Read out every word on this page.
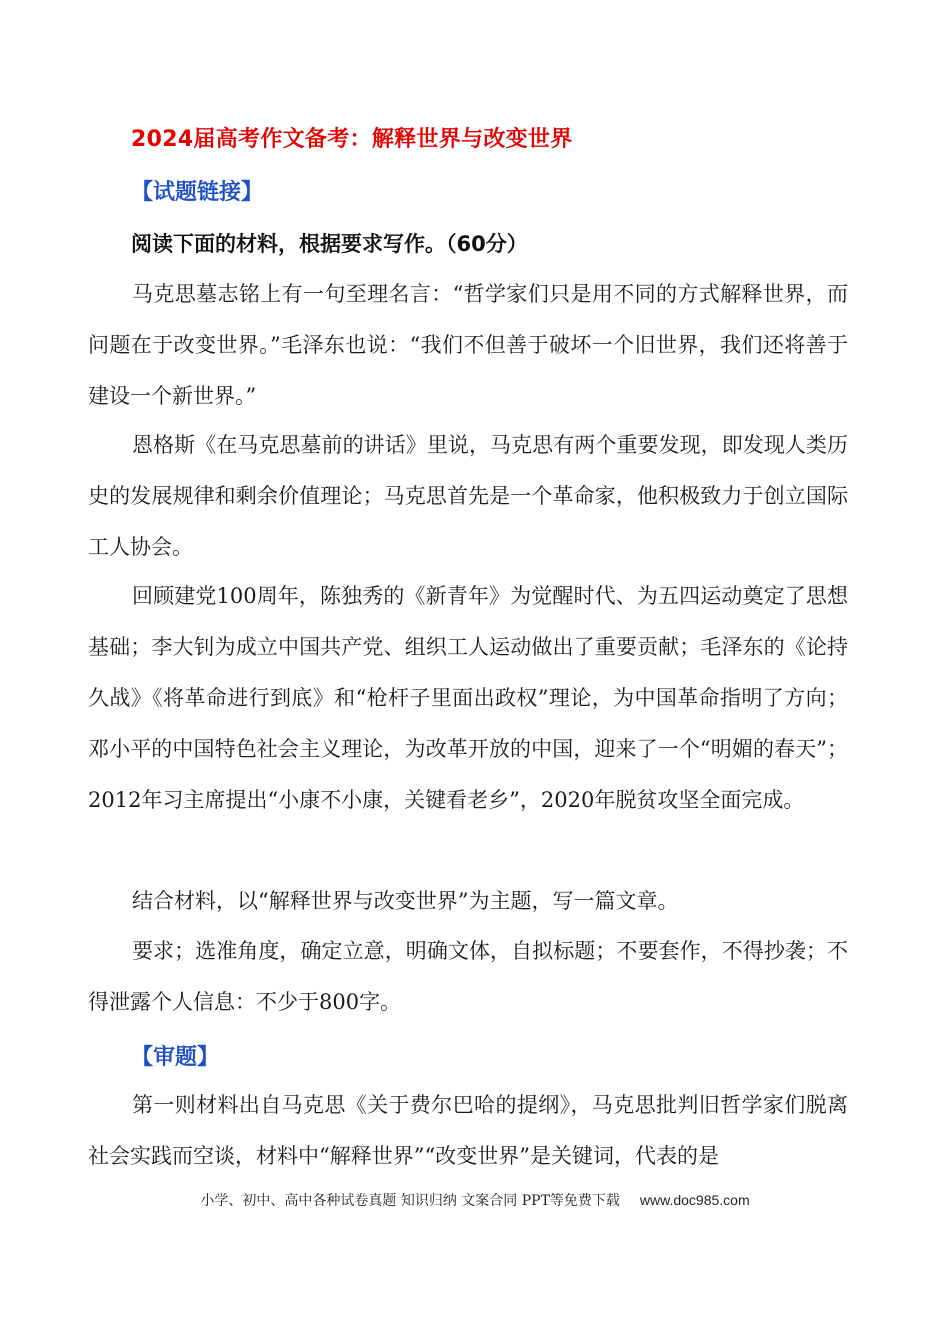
2024届高考作文备考：解释世界与改变世界
【试题链接】
阅读下面的材料，根据要求写作。（60分）

马克思墓志铭上有一句至理名言：“哲学家们只是用不同的方式解释世界，而问题在于改变世界。”毛泽东也说：“我们不但善于破坏一个旧世界，我们还将善于建设一个新世界。”

恩格斯《在马克思墓前的讲话》里说，马克思有两个重要发现，即发现人类历史的发展规律和剩余价值理论；马克思首先是一个革命家，他积极致力于创立国际工人协会。

回顾建党100周年，陈独秀的《新青年》为觉醒时代、为五四运动奠定了思想基础；李大钊为成立中国共产党、组织工人运动做出了重要贡献；毛泽东的《论持久战》《将革命进行到底》和“枪杆子里面出政权”理论，为中国革命指明了方向；邓小平的中国特色社会主义理论，为改革开放的中国，迎来了一个“明媚的春天”；2012年习主席提出“小康不小康，关键看老乡”，2020年脱贫攻坚全面完成。

结合材料，以“解释世界与改变世界”为主题，写一篇文章。

要求；选准角度，确定立意，明确文体，自拟标题；不要套作，不得抄袭；不得泄露个人信息：不少于800字。

【审题】

第一则材料出自马克思《关于费尔巴哈的提纲》，马克思批判旧哲学家们脱离社会实践而空谈，材料中“解释世界”“改变世界”是关键词，代表的是

小学、初中、高中各种试卷真题 知识归纳 文案合同 PPT等免费下载 www.doc985.com
